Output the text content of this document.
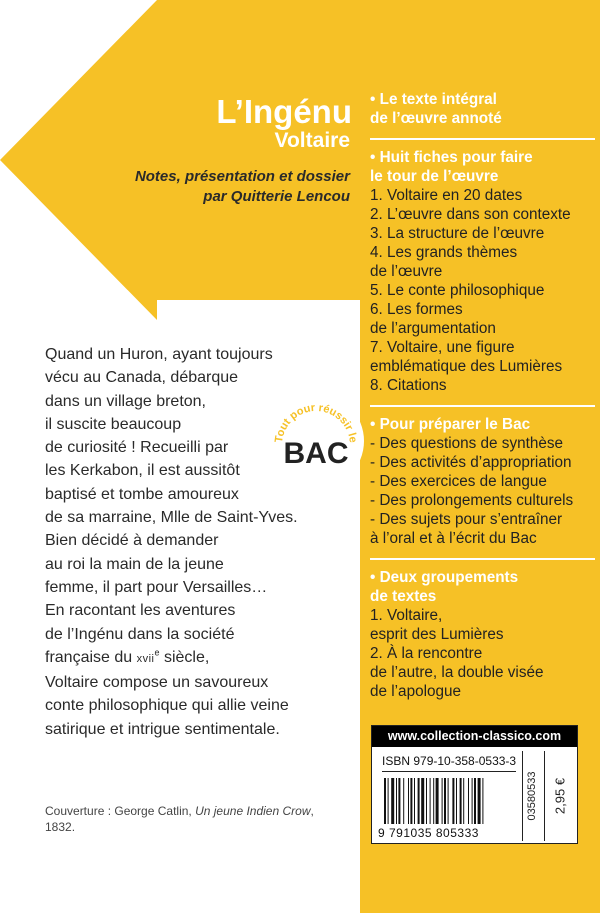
L’Ingénu
Voltaire
Notes, présentation et dossier
par Quitterie Lencou
Quand un Huron, ayant toujours
vécu au Canada, débarque
dans un village breton,
il suscite beaucoup
de curiosité ! Recueilli par
les Kerkabon, il est aussitôt
baptisé et tombe amoureux
de sa marraine, Mlle de Saint-Yves.
Bien décidé à demander
au roi la main de la jeune
femme, il part pour Versailles…
En racontant les aventures
de l’Ingénu dans la société
française du xvii$^e$ siècle,
Voltaire compose un savoureux
conte philosophique qui allie veine
satirique et intrigue sentimentale.
Couverture : George Catlin, Un jeune Indien Crow,
1832.
Tout pour réussir le
BAC
• Le texte intégral
de l’œuvre annoté
• Huit fiches pour faire
le tour de l’œuvre
1. Voltaire en 20 dates
2. L’œuvre dans son contexte
3. La structure de l’œuvre
4. Les grands thèmes
de l’œuvre
5. Le conte philosophique
6. Les formes
de l’argumentation
7. Voltaire, une figure
emblématique des Lumières
8. Citations
• Pour préparer le Bac
- Des questions de synthèse
- Des activités d’appropriation
- Des exercices de langue
- Des prolongements culturels
- Des sujets pour s’entraîner
à l’oral et à l’écrit du Bac
• Deux groupements
de textes
1. Voltaire,
esprit des Lumières
2. À la rencontre
de l’autre, la double visée
de l’apologue
www.collection-classico.com
ISBN 979-10-358-0533-3
9 791035 805333
03580533 2,95 €
